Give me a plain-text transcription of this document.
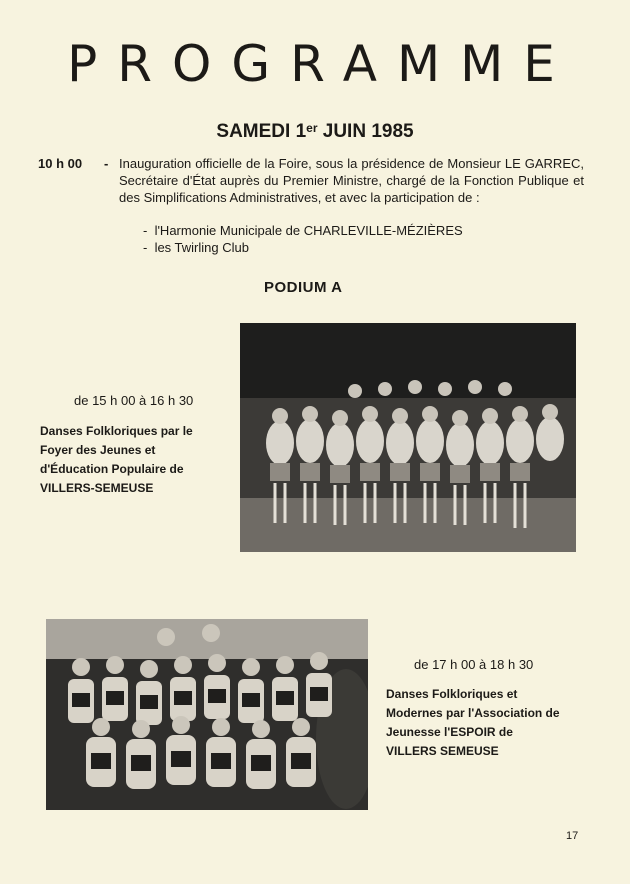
PROGRAMME
SAMEDI 1er JUIN 1985
10 h 00 - Inauguration officielle de la Foire, sous la présidence de Monsieur LE GARREC, Secrétaire d'État auprès du Premier Ministre, chargé de la Fonction Publique et des Simplifications Administratives, et avec la participation de :
- l'Harmonie Municipale de CHARLEVILLE-MÉZIÈRES
- les Twirling Club
PODIUM A
de 15 h 00 à 16 h 30
Danses Folkloriques par le
Foyer des Jeunes et
d'Éducation Populaire de
VILLERS-SEMEUSE
de 17 h 00 à 18 h 30
Danses Folkloriques et
Modernes par l'Association de
Jeunesse l'ESPOIR de
VILLERS SEMEUSE
17
